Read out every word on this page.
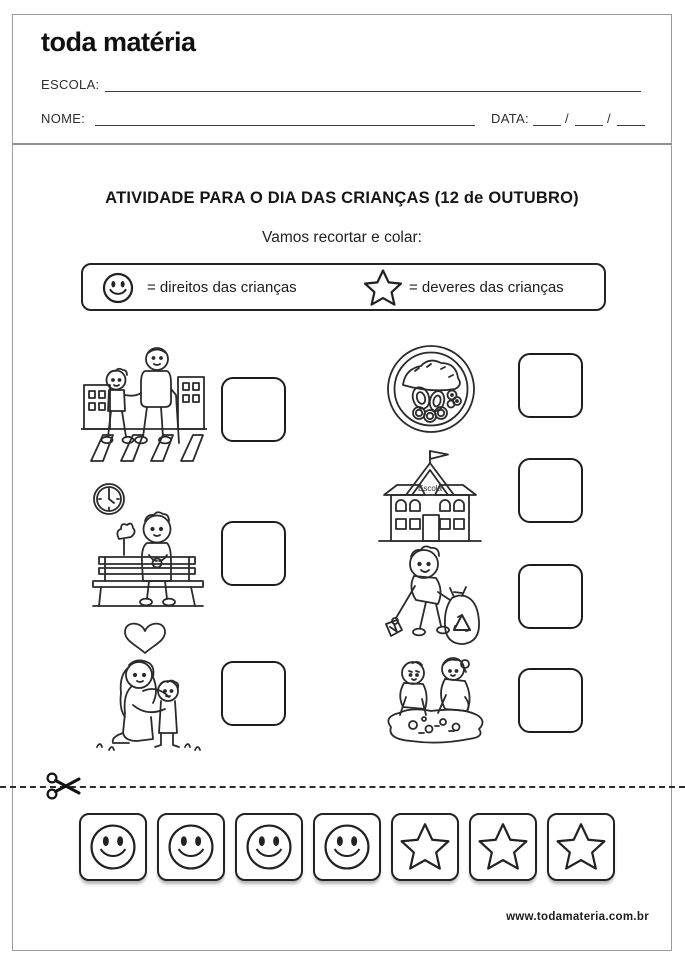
toda matéria
ESCOLA:
NOME:	DATA:	/	/
ATIVIDADE PARA O DIA DAS CRIANÇAS (12 de OUTUBRO)
Vamos recortar e colar:
= direitos das crianças	= deveres das crianças
Escola
www.todamateria.com.br
